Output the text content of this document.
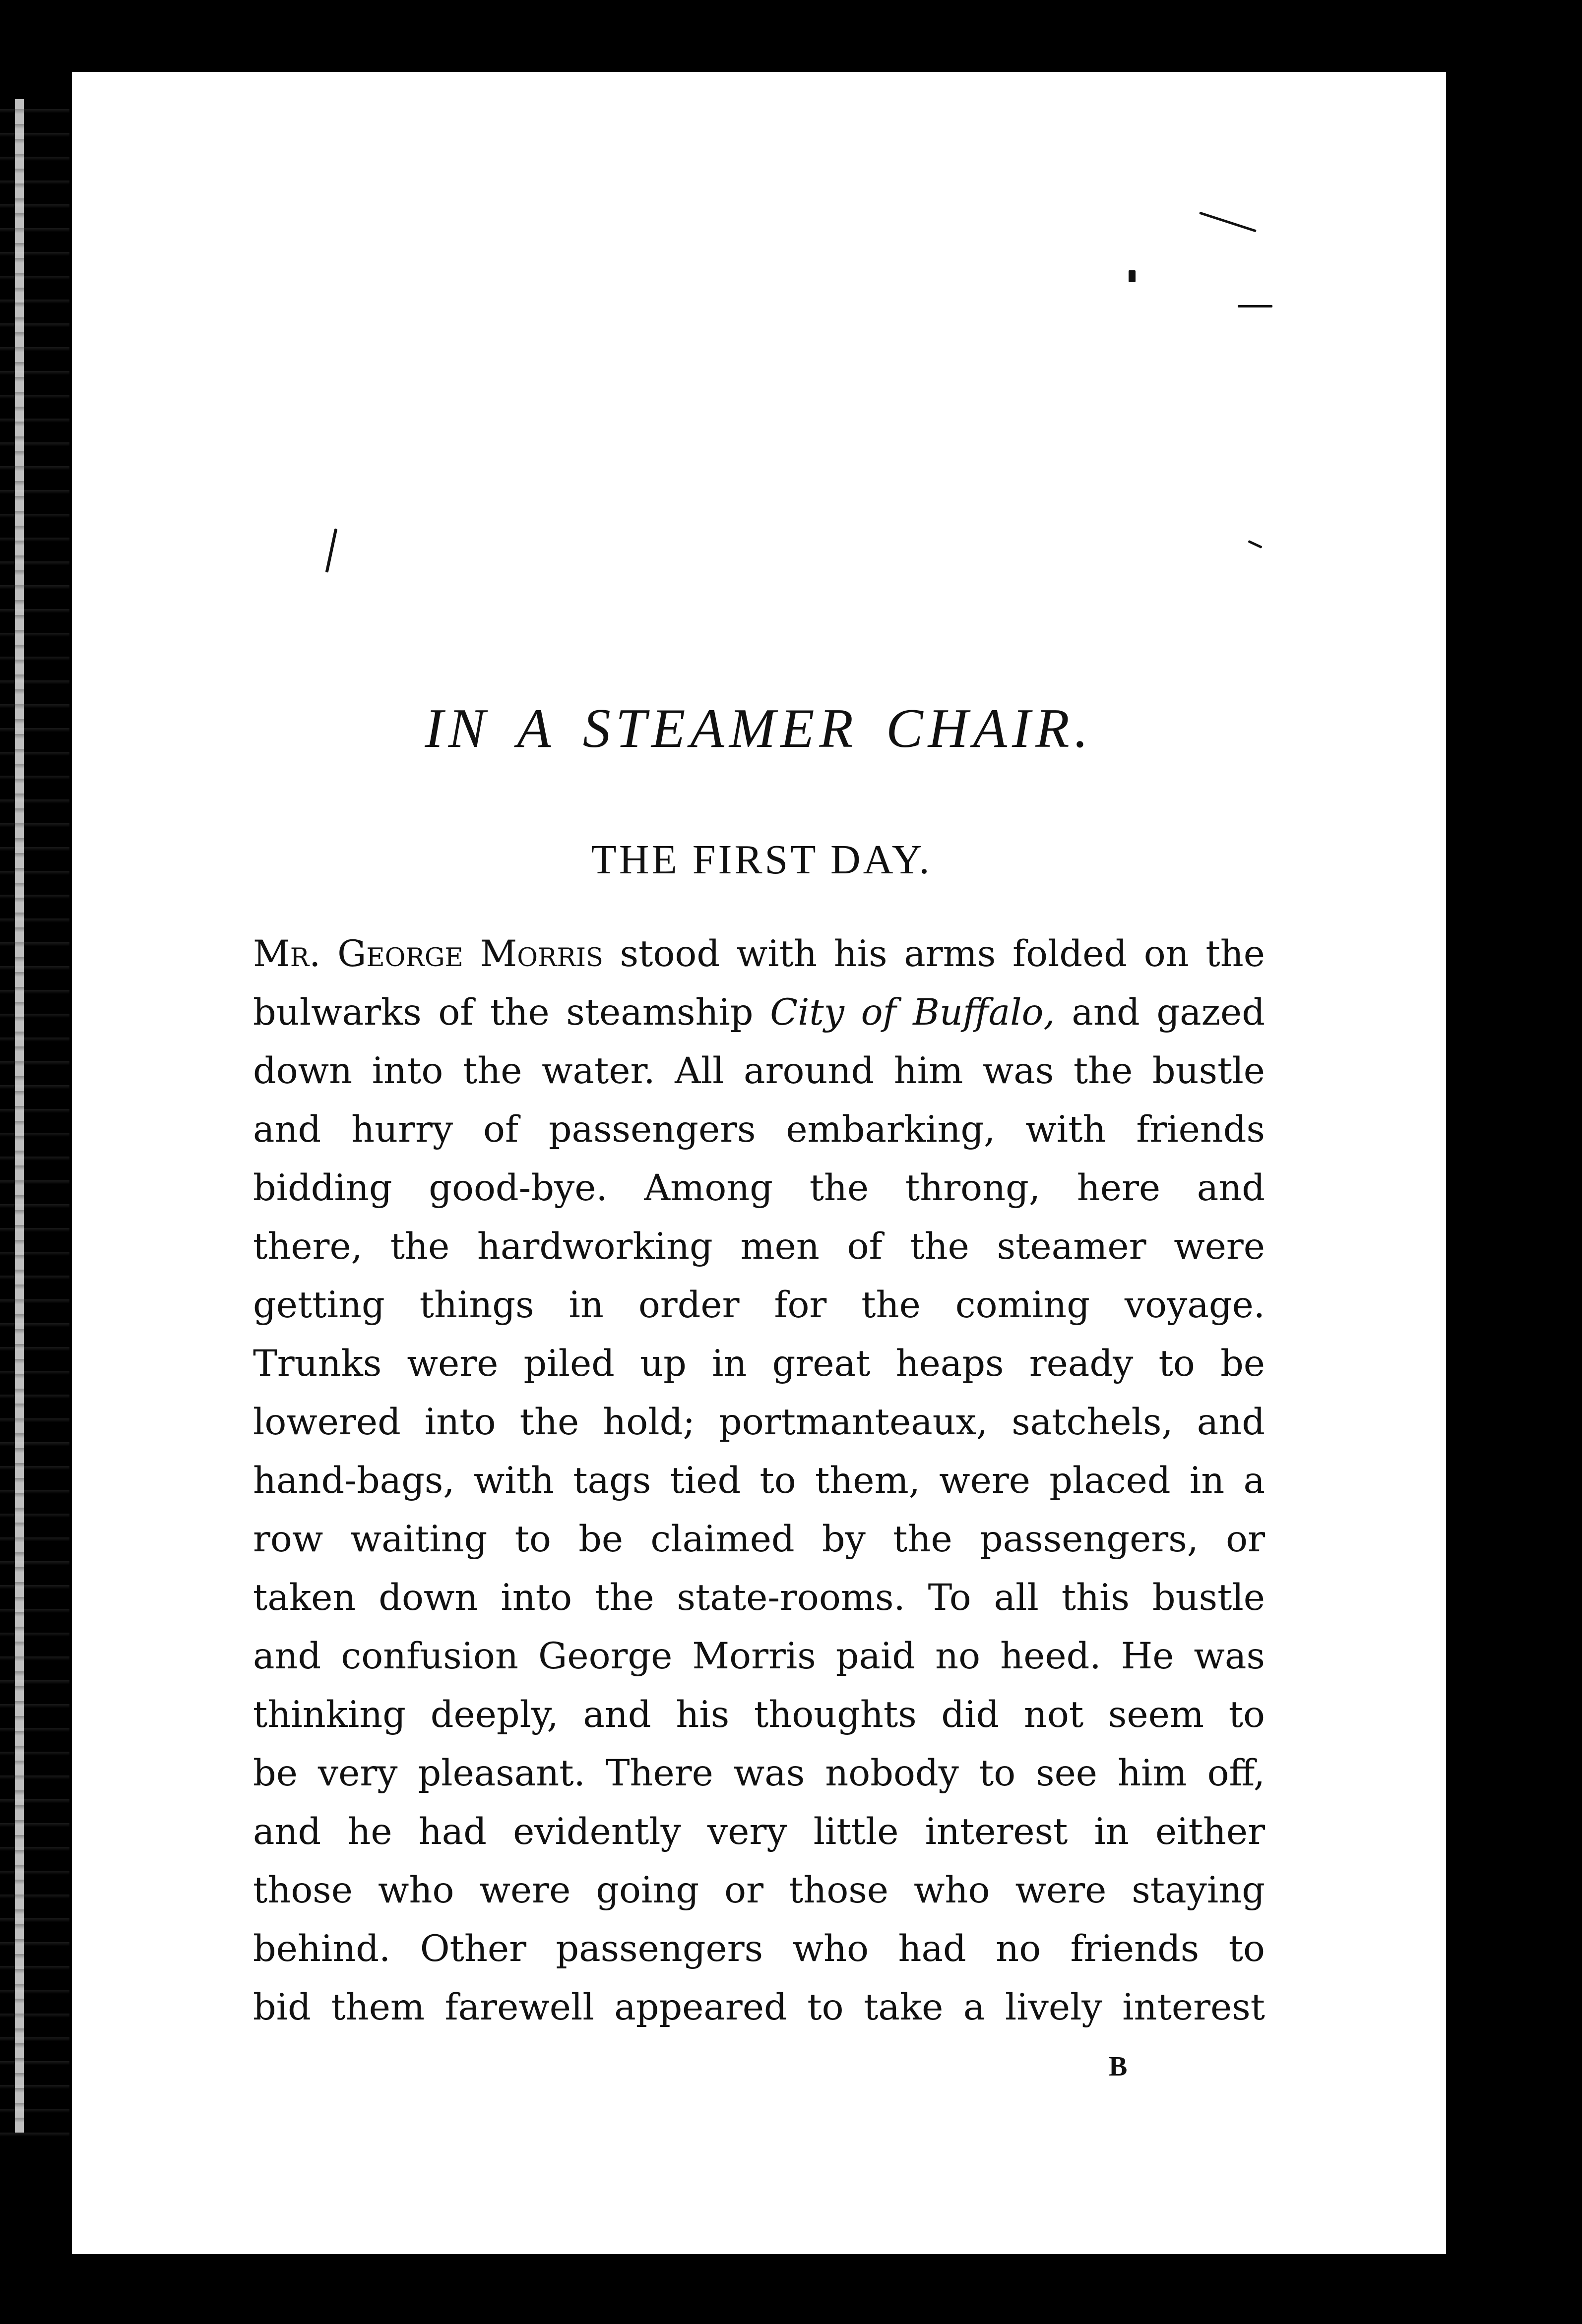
IN A STEAMER CHAIR.
THE FIRST DAY.
Mr. George Morris stood with his arms folded on the
bulwarks of the steamship City of Buffalo, and gazed
down into the water. All around him was the bustle
and hurry of passengers embarking, with friends
bidding good-bye. Among the throng, here and
there, the hardworking men of the steamer were
getting things in order for the coming voyage.
Trunks were piled up in great heaps ready to be
lowered into the hold; portmanteaux, satchels, and
hand-bags, with tags tied to them, were placed in a
row waiting to be claimed by the passengers, or
taken down into the state-rooms. To all this bustle
and confusion George Morris paid no heed. He was
thinking deeply, and his thoughts did not seem to
be very pleasant. There was nobody to see him off,
and he had evidently very little interest in either
those who were going or those who were staying
behind. Other passengers who had no friends to
bid them farewell appeared to take a lively interest
B
